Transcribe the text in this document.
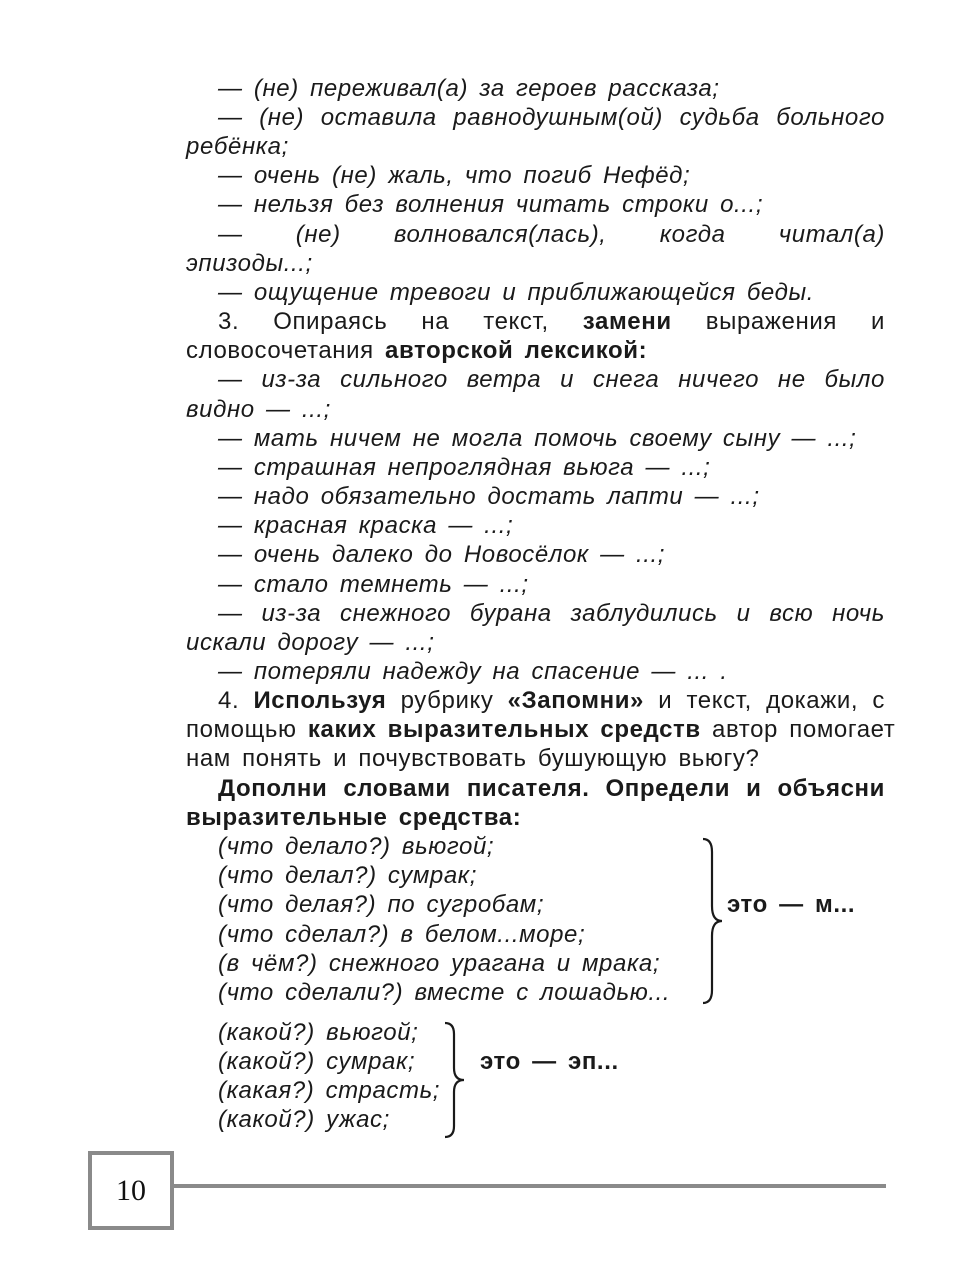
— (не) переживал(а) за героев рассказа;
— (не) оставила равнодушным(ой) судьба больного
ребёнка;
— очень (не) жаль, что погиб Нефёд;
— нельзя без волнения читать строки о...;
— (не) волновался(лась), когда читал(а)
эпизоды...;
— ощущение тревоги и приближающейся беды.
3. Опираясь на текст, замени выражения и
словосочетания авторской лексикой:
— из-за сильного ветра и снега ничего не было
видно — ...;
— мать ничем не могла помочь своему сыну — ...;
— страшная непроглядная вьюга — ...;
— надо обязательно достать лапти — ...;
— красная краска — ...;
— очень далеко до Новосёлок — ...;
— стало темнеть — ...;
— из-за снежного бурана заблудились и всю ночь
искали дорогу — ...;
— потеряли надежду на спасение — ... .
4. Используя рубрику «Запомни» и текст, докажи, с
помощью каких выразительных средств автор помогает
нам понять и почувствовать бушующую вьюгу?
Дополни словами писателя. Определи и объясни
выразительные средства:
(что делало?) вьюгой;
(что делал?) сумрак;
(что делая?) по сугробам;
(что сделал?) в белом...море;
(в чём?) снежного урагана и мрака;
(что сделали?) вместе с лошадью...
это — м...
(какой?) вьюгой;
(какой?) сумрак;
(какая?) страсть;
(какой?) ужас;
это — эп...
10
